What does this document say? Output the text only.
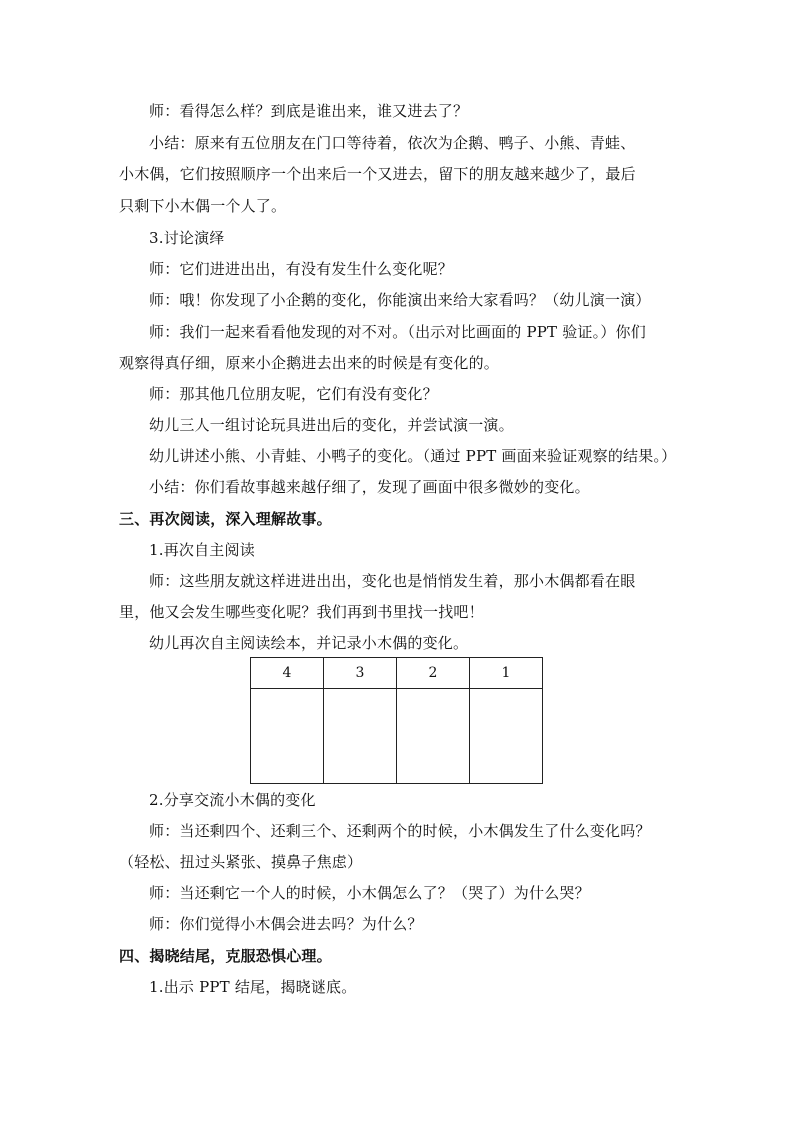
师：看得怎么样？到底是谁出来，谁又进去了？
小结：原来有五位朋友在门口等待着，依次为企鹅、鸭子、小熊、青蛙、
小木偶，它们按照顺序一个出来后一个又进去，留下的朋友越来越少了，最后
只剩下小木偶一个人了。
3.讨论演绎
师：它们进进出出，有没有发生什么变化呢？
师：哦！你发现了小企鹅的变化，你能演出来给大家看吗？（幼儿演一演）
师：我们一起来看看他发现的对不对。（出示对比画面的 PPT 验证。）你们
观察得真仔细，原来小企鹅进去出来的时候是有变化的。
师：那其他几位朋友呢，它们有没有变化？
幼儿三人一组讨论玩具进出后的变化，并尝试演一演。
幼儿讲述小熊、小青蛙、小鸭子的变化。（通过 PPT 画面来验证观察的结果。）
小结：你们看故事越来越仔细了，发现了画面中很多微妙的变化。
三、再次阅读，深入理解故事。
1.再次自主阅读
师：这些朋友就这样进进出出，变化也是悄悄发生着，那小木偶都看在眼
里，他又会发生哪些变化呢？我们再到书里找一找吧！
幼儿再次自主阅读绘本，并记录小木偶的变化。
4	3	2	1

2.分享交流小木偶的变化
师：当还剩四个、还剩三个、还剩两个的时候，小木偶发生了什么变化吗？
（轻松、扭过头紧张、摸鼻子焦虑）
师：当还剩它一个人的时候，小木偶怎么了？（哭了）为什么哭？
师：你们觉得小木偶会进去吗？为什么？
四、揭晓结尾，克服恐惧心理。
1.出示 PPT 结尾，揭晓谜底。
